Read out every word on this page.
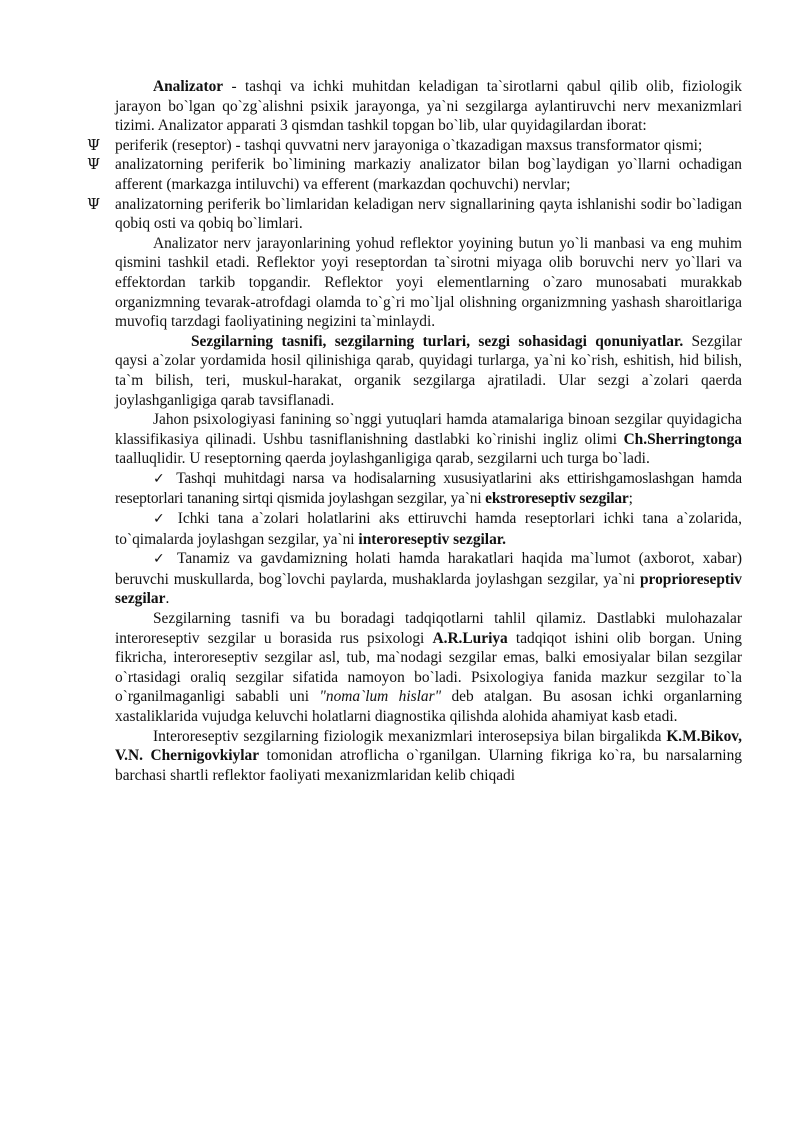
Analizator - tashqi va ichki muhitdan keladigan ta`sirotlarni qabul qilib olib, fiziologik jarayon bo`lgan qo`zg`alishni psixik jarayonga, ya`ni sezgilarga aylantiruvchi nerv mexanizmlari tizimi. Analizator apparati 3 qismdan tashkil topgan bo`lib, ular quyidagilardan iborat:

Ψ periferik (reseptor) - tashqi quvvatni nerv jarayoniga o`tkazadigan maxsus transformator qismi;

Ψ analizatorning periferik bo`limining markaziy analizator bilan bog`laydigan yo`llarni ochadigan afferent (markazga intiluvchi) va efferent (markazdan qochuvchi) nervlar;

Ψ analizatorning periferik bo`limlaridan keladigan nerv signallarining qayta ishlanishi sodir bo`ladigan qobiq osti va qobiq bo`limlari.

Analizator nerv jarayonlarining yohud reflektor yoyining butun yo`li manbasi va eng muhim qismini tashkil etadi. Reflektor yoyi reseptordan ta`sirotni miyaga olib boruvchi nerv yo`llari va effektordan tarkib topgandir. Reflektor yoyi elementlarning o`zaro munosabati murakkab organizmning tevarak-atrofdagi olamda to`g`ri mo`ljal olishning organizmning yashash sharoitlariga muvofiq tarzdagi faoliyatining negizini ta`minlaydi.

Sezgilarning tasnifi, sezgilarning turlari, sezgi sohasidagi qonuniyatlar. Sezgilar qaysi a`zolar yordamida hosil qilinishiga qarab, quyidagi turlarga, ya`ni ko`rish, eshitish, hid bilish, ta`m bilish, teri, muskul-harakat, organik sezgilarga ajratiladi. Ular sezgi a`zolari qaerda joylashganligiga qarab tavsiflanadi.

Jahon psixologiyasi fanining so`nggi yutuqlari hamda atamalariga binoan sezgilar quyidagicha klassifikasiya qilinadi. Ushbu tasniflanishning dastlabki ko`rinishi ingliz olimi Ch.Sherringtonga taalluqlidir. U reseptorning qaerda joylashganligiga qarab, sezgilarni uch turga bo`ladi.

✓ Tashqi muhitdagi narsa va hodisalarning xususiyatlarini aks ettirishgamoslashgan hamda reseptorlari tananing sirtqi qismida joylashgan sezgilar, ya`ni ekstroreseptiv sezgilar;

✓ Ichki tana a`zolari holatlarini aks ettiruvchi hamda reseptorlari ichki tana a`zolarida, to`qimalarda joylashgan sezgilar, ya`ni interoreseptiv sezgilar.

✓ Tanamiz va gavdamizning holati hamda harakatlari haqida ma`lumot (axborot, xabar) beruvchi muskullarda, bog`lovchi paylarda, mushaklarda joylashgan sezgilar, ya`ni proprioreseptiv sezgilar.

Sezgilarning tasnifi va bu boradagi tadqiqotlarni tahlil qilamiz. Dastlabki mulohazalar interoreseptiv sezgilar u borasida rus psixologi A.R.Luriya tadqiqot ishini olib borgan. Uning fikricha, interoreseptiv sezgilar asl, tub, ma`nodagi sezgilar emas, balki emosiyalar bilan sezgilar o`rtasidagi oraliq sezgilar sifatida namoyon bo`ladi. Psixologiya fanida mazkur sezgilar to`la o`rganilmaganligi sababli uni "noma`lum hislar" deb atalgan. Bu asosan ichki organlarning xastaliklarida vujudga keluvchi holatlarni diagnostika qilishda alohida ahamiyat kasb etadi.

Interoreseptiv sezgilarning fiziologik mexanizmlari interosepsiya bilan birgalikda K.M.Bikov, V.N. Chernigovkiylar tomonidan atroflicha o`rganilgan. Ularning fikriga ko`ra, bu narsalarning barchasi shartli reflektor faoliyati mexanizmlaridan kelib chiqadi
